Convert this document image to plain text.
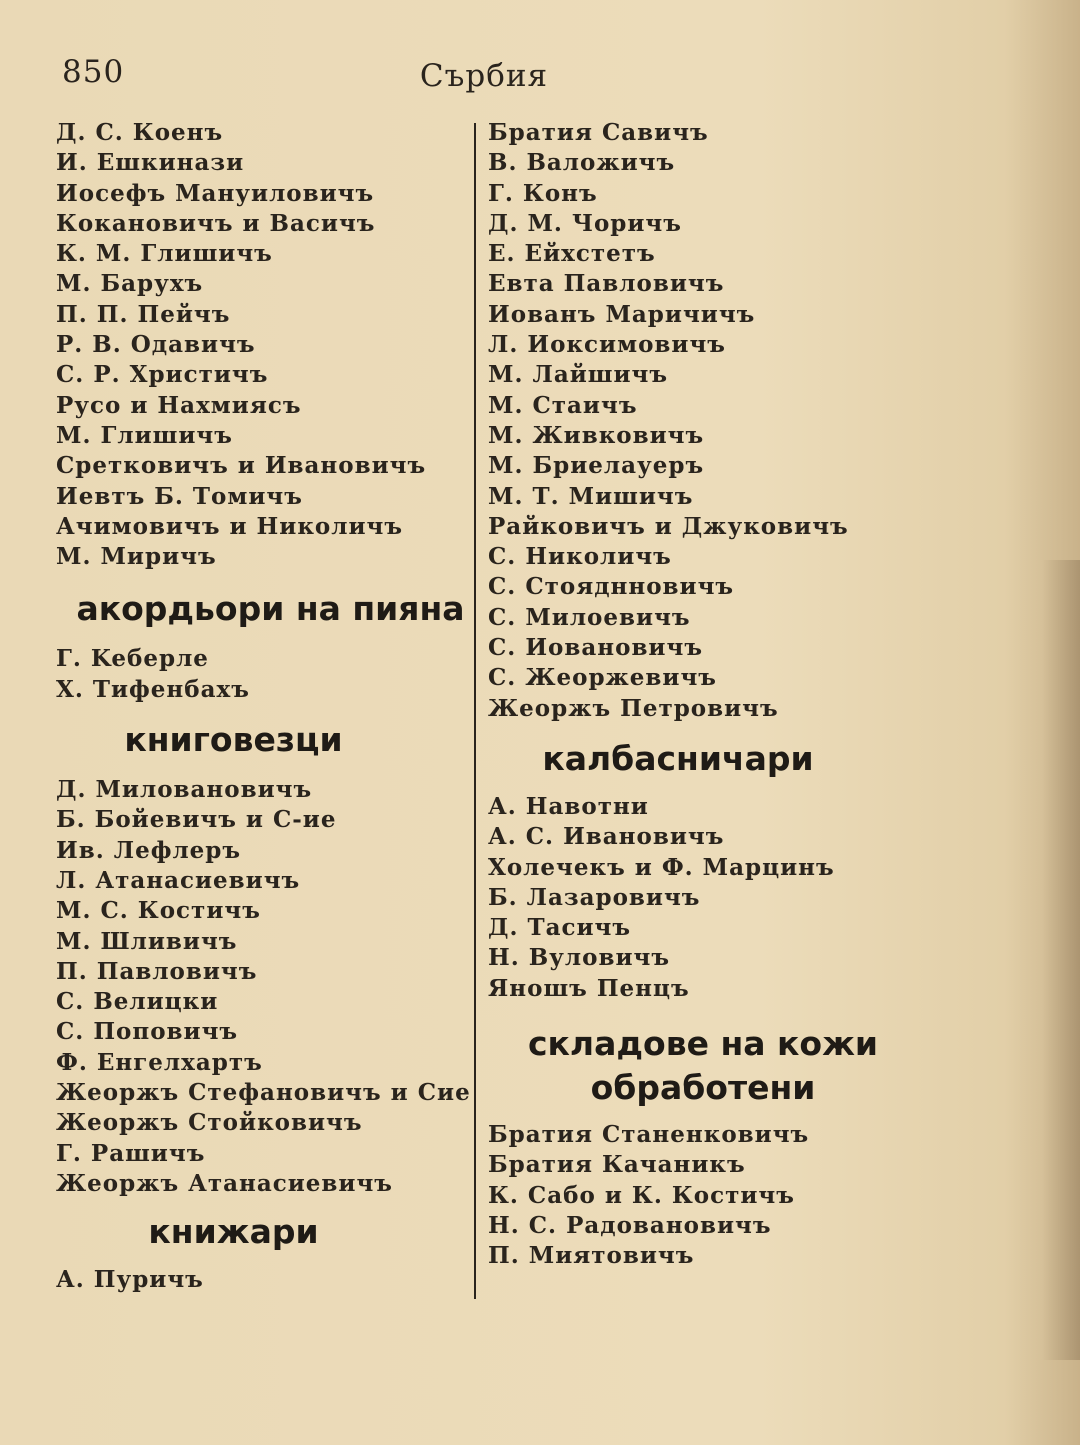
850	Сърбия
Д. С. Коенъ
И. Ешкинази
Иосефъ Мануиловичъ
Кокановичъ и Васичъ
К. М. Глишичъ
М. Барухъ
П. П. Пейчъ
Р. В. Одавичъ
С. Р. Христичъ
Русо и Нахмиясъ
М. Глишичъ
Сретковичъ и Ивановичъ
Иевтъ Б. Томичъ
Ачимовичъ и Николичъ
М. Миричъ
акордьори на пияна
Г. Keберле
Х. Тифенбахъ
книговезци
Д. Миловановичъ
Б. Бойевичъ и С-ие
Ив. Лефлеръ
Л. Атанасиевичъ
М. С. Костичъ
М. Шливичъ
П. Павловичъ
С. Велицки
С. Поповичъ
Ф. Енгелхартъ
Жеоржъ Стефановичъ и Сие
Жеоржъ Стойковичъ
Г. Рашичъ
Жеоржъ Атанасиевичъ
книжари
А. Пуричъ
Братия Савичъ
В. Валожичъ
Г. Конъ
Д. М. Чоричъ
Е. Ейхстетъ
Евта Павловичъ
Иованъ Маричичъ
Л. Иоксимовичъ
М. Лайшичъ
М. Стаичъ
М. Живковичъ
М. Бриелауеръ
М. Т. Мишичъ
Райковичъ и Джуковичъ
С. Николичъ
С. Стояднновичъ
С. Милоевичъ
С. Иовановичъ
С. Жеоржевичъ
Жеоржъ Петровичъ
калбасничари
А. Навотни
А. С. Ивановичъ
Холечекъ и Ф. Марцинъ
Б. Лазаровичъ
Д. Тасичъ
Н. Вуловичъ
Яношъ Пенцъ
складове на кожи
обработени
Братия Станенковичъ
Братия Качаникъ
К. Сабо и К. Костичъ
Н. С. Радовановичъ
П. Миятовичъ
